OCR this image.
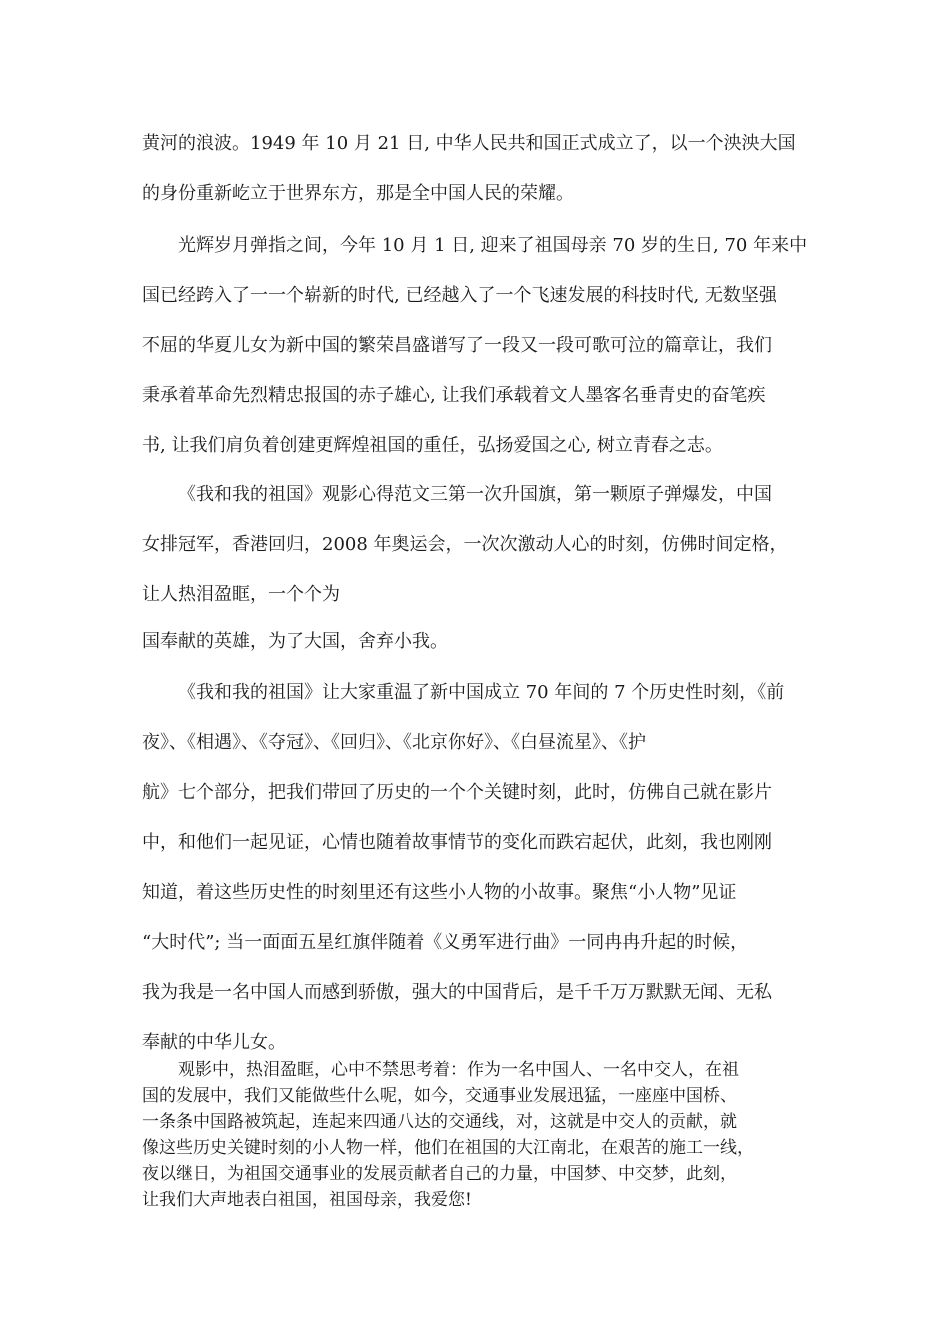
黄河的浪波。1949 年 10 月 21 日, 中华人民共和国正式成立了，以一个泱泱大国
的身份重新屹立于世界东方，那是全中国人民的荣耀。

光辉岁月弹指之间，今年 10 月 1 日, 迎来了祖国母亲 70 岁的生日, 70 年来中
国已经跨入了一一个崭新的时代, 已经越入了一个飞速发展的科技时代, 无数坚强
不屈的华夏儿女为新中国的繁荣昌盛谱写了一段又一段可歌可泣的篇章让，我们
秉承着革命先烈精忠报国的赤子雄心, 让我们承载着文人墨客名垂青史的奋笔疾
书, 让我们肩负着创建更辉煌祖国的重任，弘扬爱国之心, 树立青春之志。

《我和我的祖国》观影心得范文三第一次升国旗，第一颗原子弹爆发，中国
女排冠军，香港回归，2008 年奥运会，一次次激动人心的时刻，仿佛时间定格，
让人热泪盈眶，一个个为

国奉献的英雄，为了大国，舍弃小我。

《我和我的祖国》让大家重温了新中国成立 70 年间的 7 个历史性时刻，《前
夜》、《相遇》、《夺冠》、《回归》、《北京你好》、《白昼流星》、《护
航》七个部分，把我们带回了历史的一个个关键时刻，此时，仿佛自己就在影片
中，和他们一起见证，心情也随着故事情节的变化而跌宕起伏，此刻，我也刚刚
知道，着这些历史性的时刻里还有这些小人物的小故事。聚焦“小人物”见证
“大时代”; 当一面面五星红旗伴随着《义勇军进行曲》一同冉冉升起的时候，
我为我是一名中国人而感到骄傲，强大的中国背后，是千千万万默默无闻、无私
奉献的中华儿女。

观影中，热泪盈眶，心中不禁思考着：作为一名中国人、一名中交人，在祖
国的发展中，我们又能做些什么呢，如今，交通事业发展迅猛，一座座中国桥、
一条条中国路被筑起，连起来四通八达的交通线，对，这就是中交人的贡献，就
像这些历史关键时刻的小人物一样，他们在祖国的大江南北，在艰苦的施工一线，
夜以继日，为祖国交通事业的发展贡献者自己的力量，中国梦、中交梦，此刻，
让我们大声地表白祖国，祖国母亲，我爱您!
